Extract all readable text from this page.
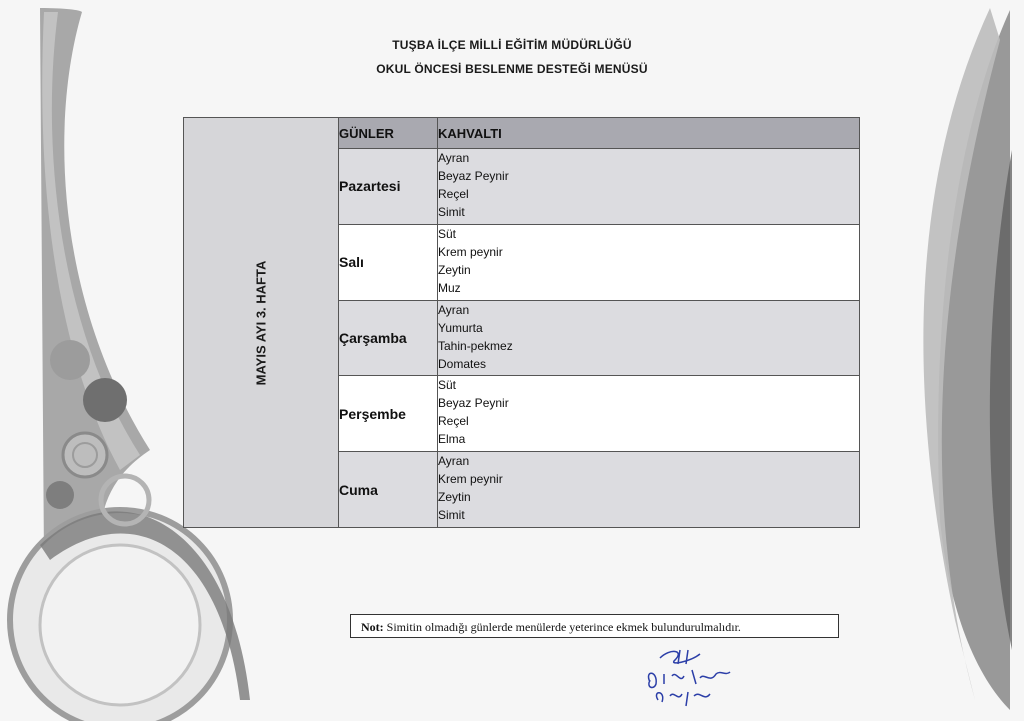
TUŞBA İLÇE MİLLİ EĞİTİM MÜDÜRLÜĞÜ
OKUL ÖNCESİ BESLENME DESTEĞİ MENÜSÜ
MAYIS AYI 3. HAFTA	GÜNLER	KAHVALTI
	Pazartesi	Ayran
Beyaz Peynir
Reçel
Simit

	Salı	Süt
Krem peynir
Zeytin
Muz

	Çarşamba	Ayran
Yumurta
Tahin-pekmez
Domates

	Perşembe	Süt
Beyaz Peynir
Reçel
Elma

	Cuma	Ayran
Krem peynir
Zeytin
Simit
Not: Simitin olmadığı günlerde menülerde yeterince ekmek bulundurulmalıdır.
